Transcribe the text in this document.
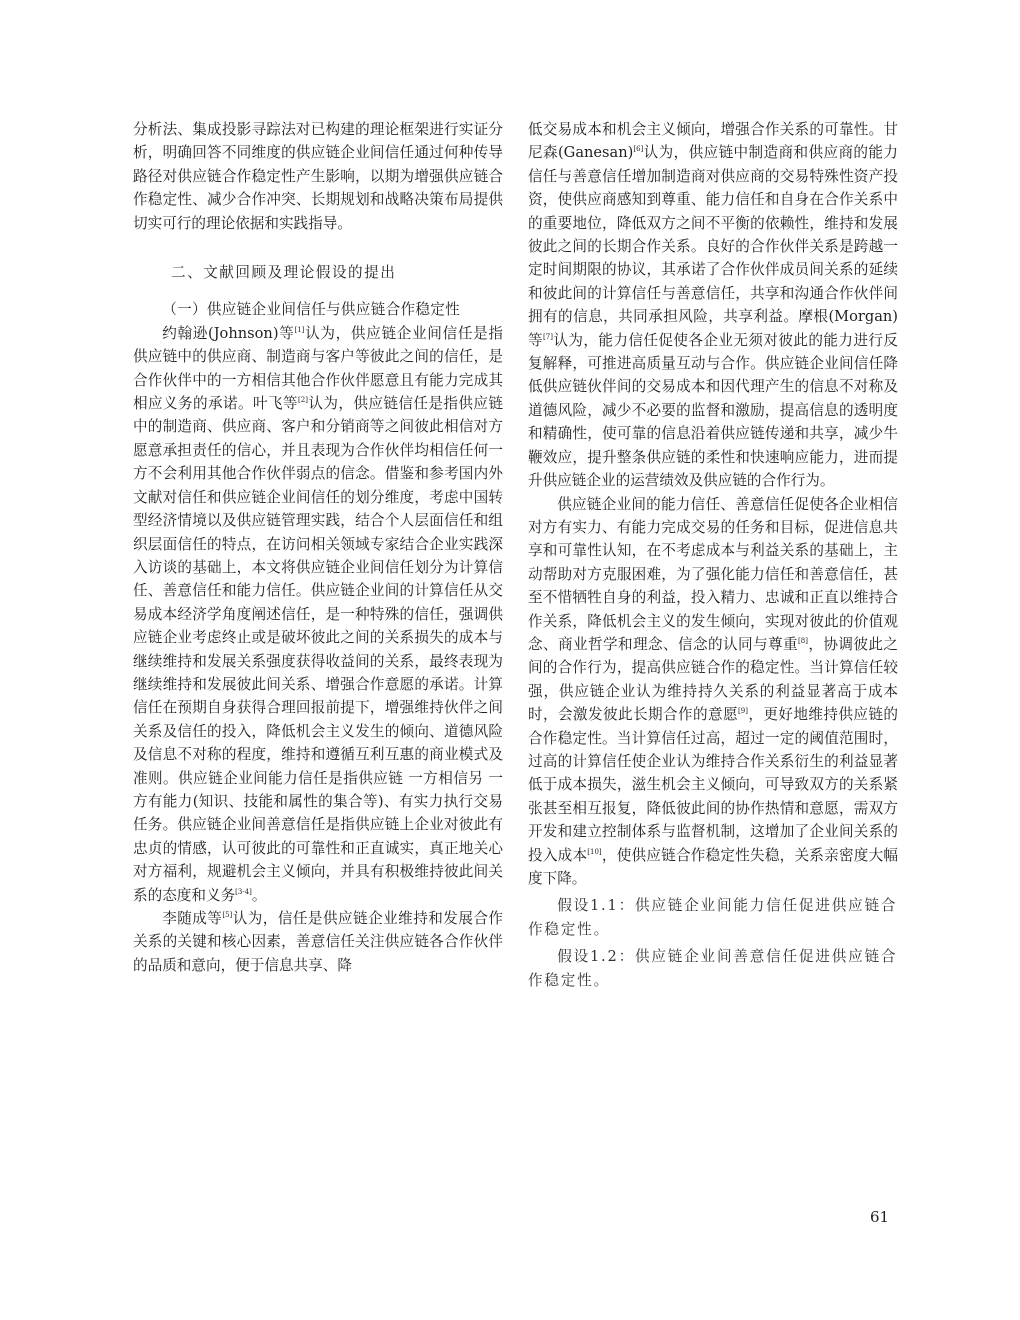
分析法、集成投影寻踪法对已构建的理论框架进行实证分析，明确回答不同维度的供应链企业间信任通过何种传导路径对供应链合作稳定性产生影响，以期为增强供应链合作稳定性、减少合作冲突、长期规划和战略决策布局提供切实可行的理论依据和实践指导。

二、文献回顾及理论假设的提出

（一）供应链企业间信任与供应链合作稳定性

约翰逊(Johnson)等[1]认为，供应链企业间信任是指供应链中的供应商、制造商与客户等彼此之间的信任，是合作伙伴中的一方相信其他合作伙伴愿意且有能力完成其相应义务的承诺。叶飞等[2]认为，供应链信任是指供应链中的制造商、供应商、客户和分销商等之间彼此相信对方愿意承担责任的信心，并且表现为合作伙伴均相信任何一方不会利用其他合作伙伴弱点的信念。借鉴和参考国内外文献对信任和供应链企业间信任的划分维度，考虑中国转型经济情境以及供应链管理实践，结合个人层面信任和组织层面信任的特点，在访问相关领域专家结合企业实践深入访谈的基础上，本文将供应链企业间信任划分为计算信任、善意信任和能力信任。供应链企业间的计算信任从交易成本经济学角度阐述信任，是一种特殊的信任，强调供应链企业考虑终止或是破坏彼此之间的关系损失的成本与继续维持和发展关系强度获得收益间的关系，最终表现为继续维持和发展彼此间关系、增强合作意愿的承诺。计算信任在预期自身获得合理回报前提下，增强维持伙伴之间关系及信任的投入，降低机会主义发生的倾向、道德风险及信息不对称的程度，维持和遵循互利互惠的商业模式及准则。供应链企业间能力信任是指供应链 一方相信另 一方有能力(知识、技能和属性的集合等)、有实力执行交易任务。供应链企业间善意信任是指供应链上企业对彼此有忠贞的情感，认可彼此的可靠性和正直诚实，真正地关心对方福利，规避机会主义倾向，并具有积极维持彼此间关系的态度和义务[3-4]。

李随成等[5]认为，信任是供应链企业维持和发展合作关系的关键和核心因素，善意信任关注供应链各合作伙伴的品质和意向，便于信息共享、降

低交易成本和机会主义倾向，增强合作关系的可靠性。甘尼森(Ganesan)[6]认为，供应链中制造商和供应商的能力信任与善意信任增加制造商对供应商的交易特殊性资产投资，使供应商感知到尊重、能力信任和自身在合作关系中的重要地位，降低双方之间不平衡的依赖性，维持和发展彼此之间的长期合作关系。良好的合作伙伴关系是跨越一定时间期限的协议，其承诺了合作伙伴成员间关系的延续和彼此间的计算信任与善意信任，共享和沟通合作伙伴间拥有的信息，共同承担风险，共享利益。摩根(Morgan)等[7]认为，能力信任促使各企业无须对彼此的能力进行反复解释，可推进高质量互动与合作。供应链企业间信任降低供应链伙伴间的交易成本和因代理产生的信息不对称及道德风险，减少不必要的监督和激励，提高信息的透明度和精确性，使可靠的信息沿着供应链传递和共享，减少牛鞭效应，提升整条供应链的柔性和快速响应能力，进而提升供应链企业的运营绩效及供应链的合作行为。

供应链企业间的能力信任、善意信任促使各企业相信对方有实力、有能力完成交易的任务和目标，促进信息共享和可靠性认知，在不考虑成本与利益关系的基础上，主动帮助对方克服困难，为了强化能力信任和善意信任，甚至不惜牺牲自身的利益，投入精力、忠诚和正直以维持合作关系，降低机会主义的发生倾向，实现对彼此的价值观念、商业哲学和理念、信念的认同与尊重[8]，协调彼此之间的合作行为，提高供应链合作的稳定性。当计算信任较强，供应链企业认为维持持久关系的利益显著高于成本时，会激发彼此长期合作的意愿[9]，更好地维持供应链的合作稳定性。当计算信任过高，超过一定的阈值范围时，过高的计算信任使企业认为维持合作关系衍生的利益显著低于成本损失，滋生机会主义倾向，可导致双方的关系紧张甚至相互报复，降低彼此间的协作热情和意愿，需双方开发和建立控制体系与监督机制，这增加了企业间关系的投入成本[10]，使供应链合作稳定性失稳，关系亲密度大幅度下降。

假设1.1：供应链企业间能力信任促进供应链合作稳定性。

假设1.2：供应链企业间善意信任促进供应链合作稳定性。

61
